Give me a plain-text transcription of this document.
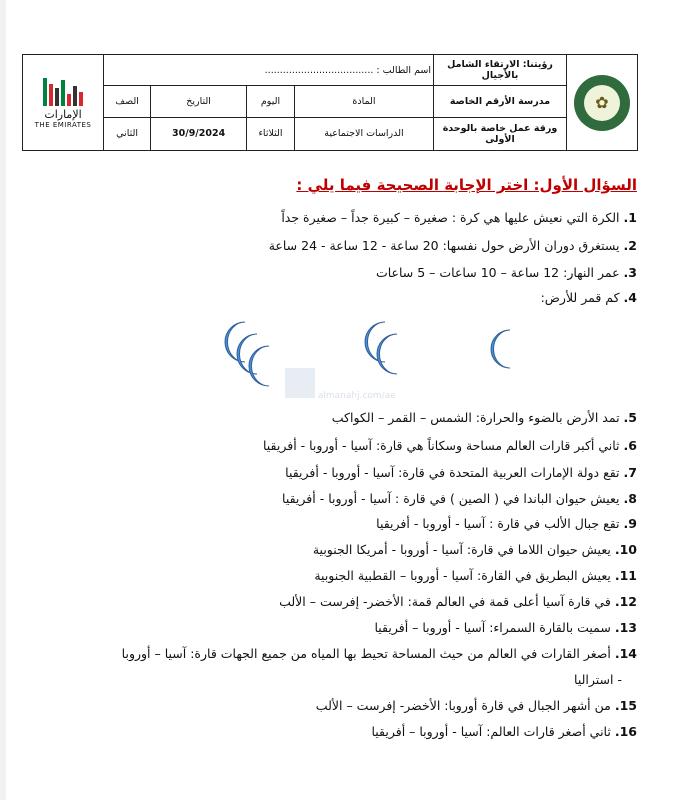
✿	رؤيتنا: الارتقاء الشامل بالأجيال	اسم الطالب : ....................................				الإمارات
THE EMIRATES

	مدرسة الأرقم الخاصة	المادة	اليوم	التاريخ	الصف	
	ورقة عمل خاصة بالوحدة الأولى	الدراسات الاجتماعية	الثلاثاء	30/9/2024	الثاني	
السؤال الأول: اختر الإجابة الصحيحة فيما يلي :
1.الكرة التي نعيش عليها هي كرة : صغيرة – كبيرة جداً – صغيرة جداً
2.يستغرق دوران الأرض حول نفسها: 20 ساعة - 12 ساعة - 24 ساعة
3.عمر النهار: 12 ساعة – 10 ساعات – 5 ساعات
4.كم قمر للأرض:
5.تمد الأرض بالضوء والحرارة: الشمس – القمر – الكواكب
6.ثاني أكبر قارات العالم مساحة وسكاناً هي قارة: آسيا - أوروبا - أفريقيا
7.تقع دولة الإمارات العربية المتحدة في قارة: آسيا - أوروبا - أفريقيا
8.يعيش حيوان الباندا في ( الصين ) في قارة : آسيا - أوروبا - أفريقيا
9.تقع جبال الألب في قارة : آسيا - أوروبا - أفريقيا
10.يعيش حيوان اللاما في قارة: آسيا - أوروبا - أمريكا الجنوبية
11.يعيش البطريق في القارة: آسيا - أوروبا – القطبية الجنوبية
12.في قارة آسيا أعلى قمة في العالم قمة: الأخضر- إفرست – الألب
13.سميت بالقارة السمراء: آسيا - أوروبا – أفريقيا
14.أصغر القارات في العالم من حيث المساحة تحيط بها المياه من جميع الجهات قارة: آسيا – أوروبا
- استراليا
15.من أشهر الجبال في قارة أوروبا: الأخضر- إفرست – الألب
16.ثاني أصغر قارات العالم: آسيا - أوروبا – أفريقيا
almanahj.com/ae
